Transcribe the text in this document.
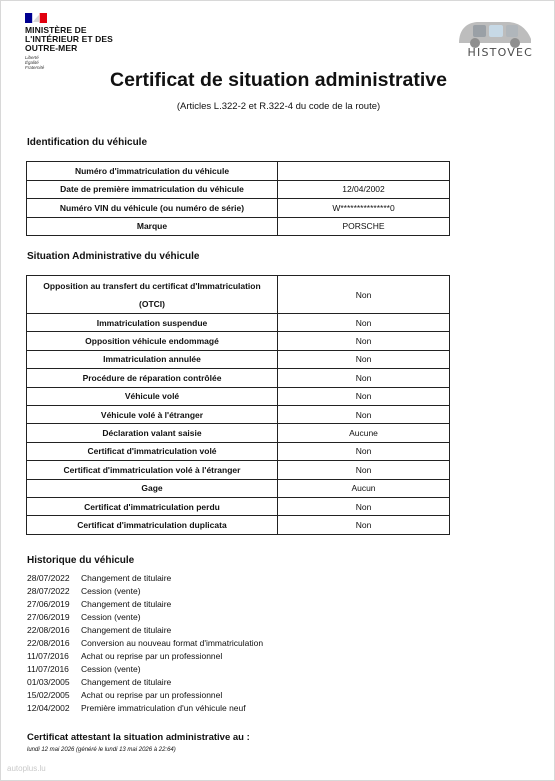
MINISTÈRE DE L'INTÉRIEUR ET DES OUTRE-MER
Liberté Égalité Fraternité
HISTOVEC
Certificat de situation administrative
(Articles L.322-2 et R.322-4 du code de la route)
Identification du véhicule
Numéro d'immatriculation du véhicule	
Date de première immatriculation du véhicule	12/04/2002
Numéro VIN du véhicule (ou numéro de série)	W***************0
Marque	PORSCHE
Situation Administrative du véhicule
Opposition au transfert du certificat d'Immatriculation (OTCI)	Non
Immatriculation suspendue	Non
Opposition véhicule endommagé	Non
Immatriculation annulée	Non
Procédure de réparation contrôlée	Non
Véhicule volé	Non
Véhicule volé à l'étranger	Non
Déclaration valant saisie	Aucune
Certificat d'immatriculation volé	Non
Certificat d'immatriculation volé à l'étranger	Non
Gage	Aucun
Certificat d'immatriculation perdu	Non
Certificat d'immatriculation duplicata	Non
Historique du véhicule
28/07/2022 Changement de titulaire
28/07/2022 Cession (vente)
27/06/2019 Changement de titulaire
27/06/2019 Cession (vente)
22/08/2016 Changement de titulaire
22/08/2016 Conversion au nouveau format d'immatriculation
11/07/2016 Achat ou reprise par un professionnel
11/07/2016 Cession (vente)
01/03/2005 Changement de titulaire
15/02/2005 Achat ou reprise par un professionnel
12/04/2002 Première immatriculation d'un véhicule neuf
Certificat attestant la situation administrative au :
lundi 12 mai 2026 (généré le lundi 13 mai 2026 à 22:64)
autoplus.lu
